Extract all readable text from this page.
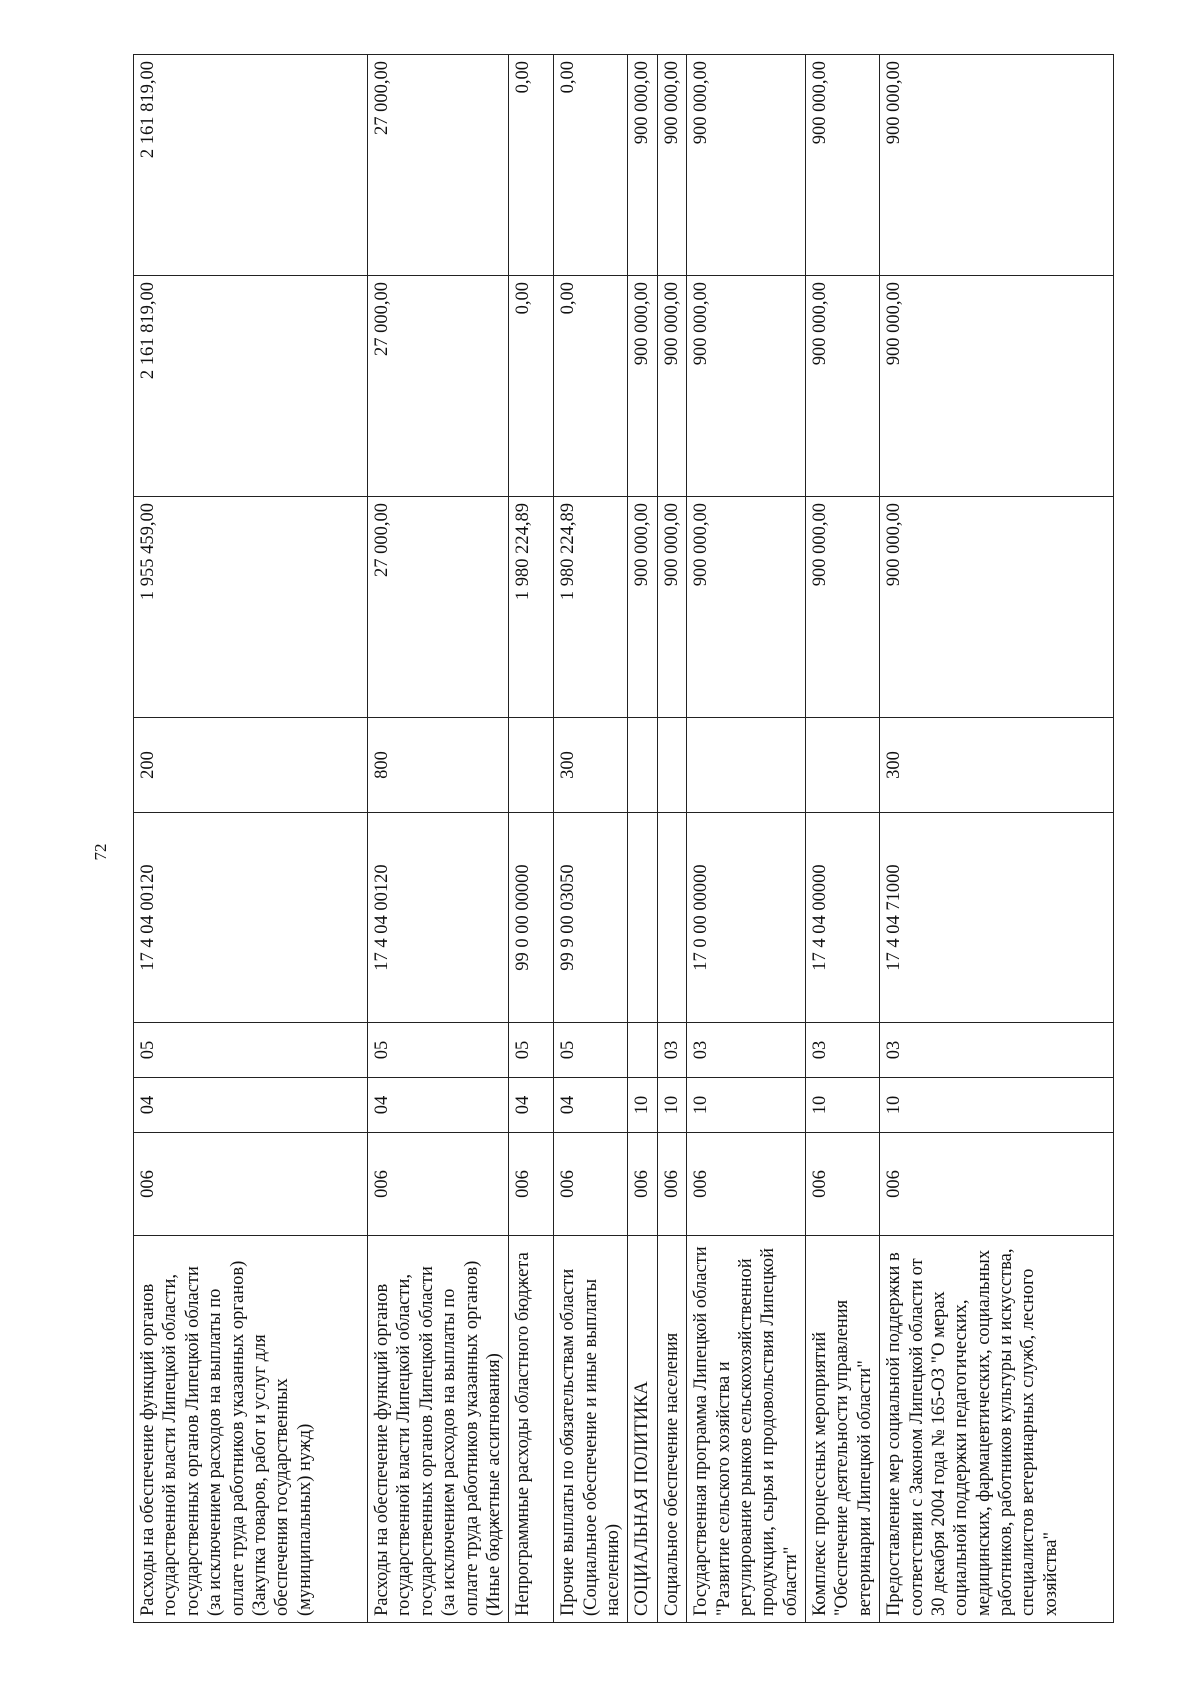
72
Расходы на обеспечение функций органов государственной власти Липецкой области, государственных органов Липецкой области (за исключением расходов на выплаты по оплате труда работников указанных органов) (Закупка товаров, работ и услуг для обеспечения государственных (муниципальных) нужд)	006	04	05	17 4 04 00120	200	1 955 459,00	2 161 819,00	2 161 819,00
Расходы на обеспечение функций органов государственной власти Липецкой области, государственных органов Липецкой области (за исключением расходов на выплаты по оплате труда работников указанных органов) (Иные бюджетные ассигнования)	006	04	05	17 4 04 00120	800	27 000,00	27 000,00	27 000,00
Непрограммные расходы областного бюджета	006	04	05	99 0 00 00000		1 980 224,89	0,00	0,00
Прочие выплаты по обязательствам области (Социальное обеспечение и иные выплаты населению)	006	04	05	99 9 00 03050	300	1 980 224,89	0,00	0,00
СОЦИАЛЬНАЯ ПОЛИТИКА	006	10				900 000,00	900 000,00	900 000,00
Социальное обеспечение населения	006	10	03			900 000,00	900 000,00	900 000,00
Государственная программа Липецкой области "Развитие сельского хозяйства и регулирование рынков сельскохозяйственной продукции, сырья и продовольствия Липецкой области"	006	10	03	17 0 00 00000		900 000,00	900 000,00	900 000,00
Комплекс процессных мероприятий "Обеспечение деятельности управления ветеринарии Липецкой области"	006	10	03	17 4 04 00000		900 000,00	900 000,00	900 000,00
Предоставление мер социальной поддержки в соответствии с Законом Липецкой области от 30 декабря 2004 года № 165-ОЗ "О мерах социальной поддержки педагогических, медицинских, фармацевтических, социальных работников, работников культуры и искусства, специалистов ветеринарных служб, лесного хозяйства"	006	10	03	17 4 04 71000	300	900 000,00	900 000,00	900 000,00
